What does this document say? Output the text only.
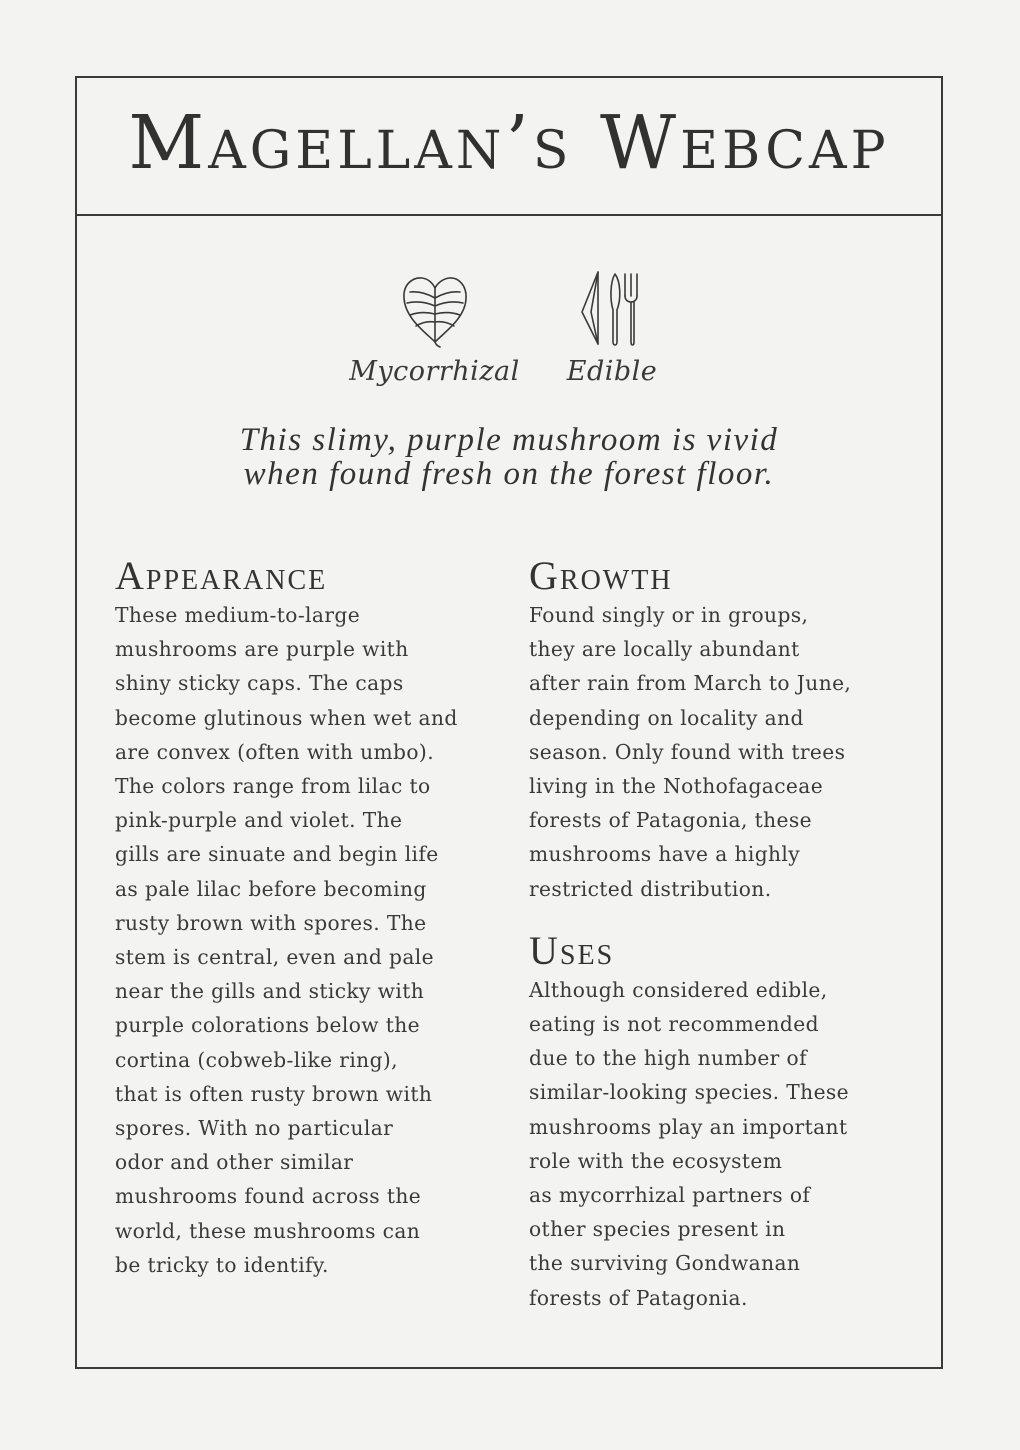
Magellan’s Webcap
Mycorrhizal	Edible
This slimy, purple mushroom is vivid
when found fresh on the forest floor.
Appearance

These medium-to-large
mushrooms are purple with
shiny sticky caps. The caps
become glutinous when wet and
are convex (often with umbo).
The colors range from lilac to
pink-purple and violet. The
gills are sinuate and begin life
as pale lilac before becoming
rusty brown with spores. The
stem is central, even and pale
near the gills and sticky with
purple colorations below the
cortina (cobweb-like ring),
that is often rusty brown with
spores. With no particular
odor and other similar
mushrooms found across the
world, these mushrooms can
be tricky to identify.

Growth

Found singly or in groups,
they are locally abundant
after rain from March to June,
depending on locality and
season. Only found with trees
living in the Nothofagaceae
forests of Patagonia, these
mushrooms have a highly
restricted distribution.

Uses

Although considered edible,
eating is not recommended
due to the high number of
similar-looking species. These
mushrooms play an important
role with the ecosystem
as mycorrhizal partners of
other species present in
the surviving Gondwanan
forests of Patagonia.
